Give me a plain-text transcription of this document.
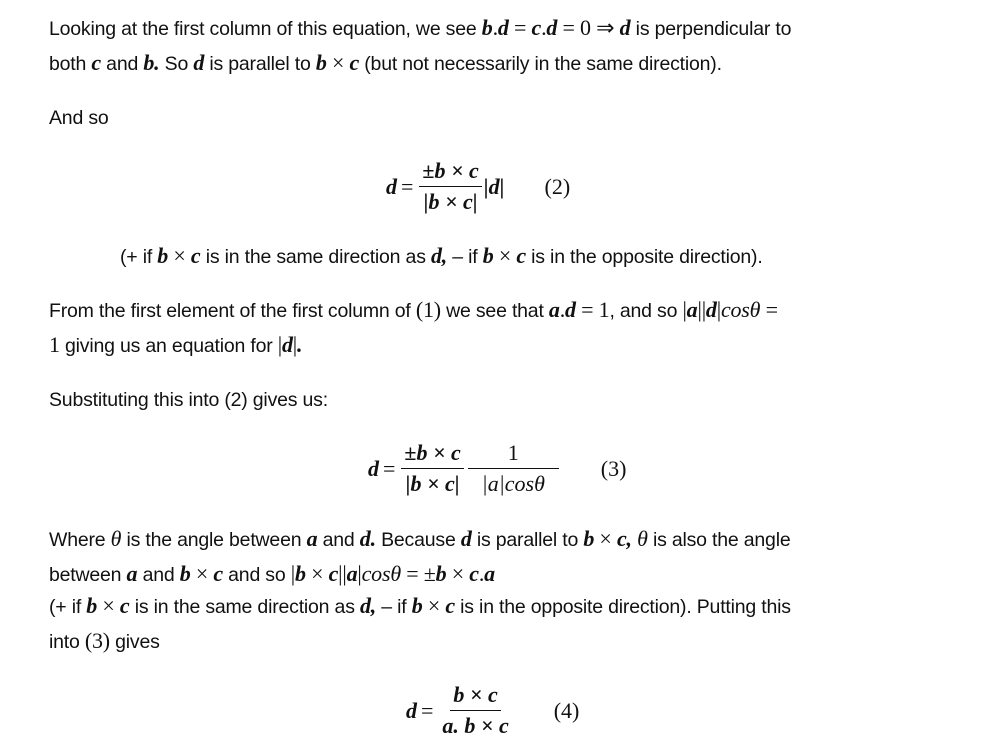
Looking at the first column of this equation, we see b.d = c.d = 0 ⇒ d is perpendicular to
both c and b. So d is parallel to b × c (but not necessarily in the same direction).
And so
$d = \frac{\pm b \times c}{|b \times c|} |d|$ (2)
(+ if b × c is in the same direction as d, – if b × c is in the opposite direction).
From the first element of the first column of (1) we see that a.d = 1, and so |a||d|cosθ =
1 giving us an equation for |d|.
Substituting this into (2) gives us:
$d = \frac{\pm b \times c}{|b \times c|} \frac{1}{|a|\cos\theta} (3)$
Where θ is the angle between a and d. Because d is parallel to b × c, θ is also the angle
between a and b × c and so |b × c||a|cosθ = ±b × c.a
(+ if b × c is in the same direction as d, – if b × c is in the opposite direction). Putting this
into (3) gives
$d = \frac{b \times c}{a. b \times c} (4)$
